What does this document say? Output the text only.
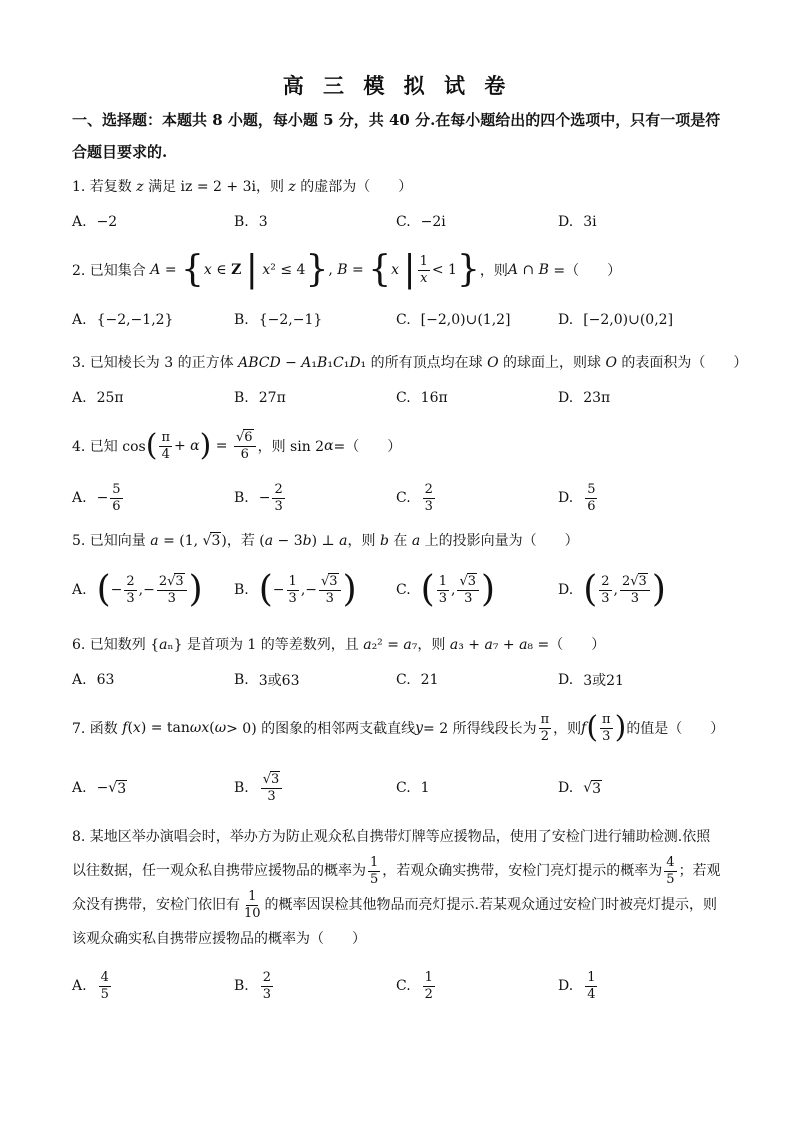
高 三 模 拟 试 卷
一、选择题：本题共 8 小题，每小题 5 分，共 40 分.在每小题给出的四个选项中，只有一项是符合题目要求的.
1. 若复数 z 满足 iz = 2 + 3i，则 z 的虚部为（　　）
A. −2	B. 3	C. −2i	D. 3i
2. 已知集合 A = { x ∈ Z
|
x ² ≤ 4 } , B = { x
| $\frac{1}{x} < 1$ } ，则 A ∩ B =（　　）
A. {−2,−1,2}	B. {−2,−1}	C. [−2,0)∪(1,2]	D. [−2,0)∪(0,2]
3. 已知棱长为 3 的正方体 ABCD − A₁B₁C₁D₁ 的所有顶点均在球 O 的球面上，则球 O 的表面积为（　　）
A. 25π	B. 27π	C. 16π	D. 23π
4. 已知 cos ( $\frac{\pi}{4} + \alpha$ ) = $\frac{√6}{6}$ ，则 sin 2 α =（　　）
A. − $\frac{5}{6}$	B. − $\frac{2}{3}$	C. $\frac{2}{3}$	D. $\frac{5}{6}$
5. 已知向量 a = (1, √3)，若 (a − 3b) ⊥ a，则 b 在 a 上的投影向量为（　　）
A. ( − $\frac{2}{3}$ ,− $\frac{2√3}{3}$ ) B. ( − $\frac{1}{3}$ ,− $\frac{√3}{3}$ )	C. ( $\frac{1}{3}$ , $\frac{√3}{3}$ )	D. ( $\frac{2}{3}$ , $\frac{2√3}{3}$ )
6. 已知数列 {aₙ} 是首项为 1 的等差数列，且 a₂² = a₇，则 a₃ + a₇ + a₈ =（　　）
A. 63	B. 3或63	C. 21	D. 3或21
7. 函数 f ( x ) = tan ωx ( ω > 0) 的图象的相邻两支截直线 y = 2 所得线段长为 $\frac{\pi}{2}$ ，则 f ( $\frac{\pi}{3}$ ) 的值是（　　）
A. −√ 3	B. $\frac{√3}{3}$	C. 1	D. √ 3
8. 某地区举办演唱会时，举办方为防止观众私自携带灯牌等应援物品，使用了安检门进行辅助检测.依照以往数据，任一观众私自携带应援物品的概率为 $\frac{1}{5}$ ，若观众确实携带，安检门亮灯提示的概率为 $\frac{4}{5}$ ；若观众没有携带，安检门依旧有 $\frac{1}{10}$ 的概率因误检其他物品而亮灯提示.若某观众通过安检门时被亮灯提示，则该观众确实私自携带应援物品的概率为（　　）
A. $\frac{4}{5}$	B. $\frac{2}{3}$	C. $\frac{1}{2}$	D. $\frac{1}{4}$
